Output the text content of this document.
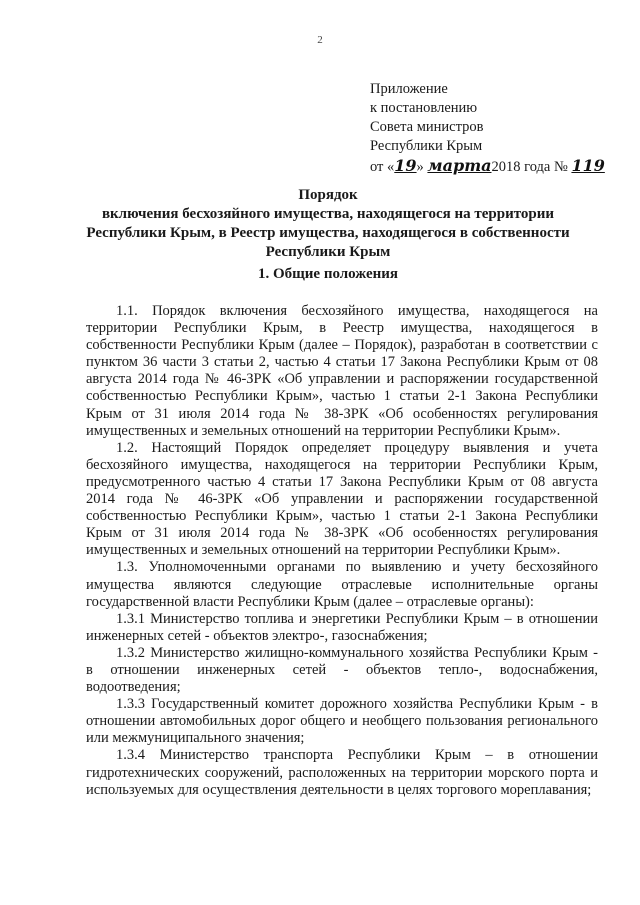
2
Приложение
к постановлению
Совета министров
Республики Крым
от «19» марта2018 года № 119
Порядок
включения бесхозяйного имущества, находящегося на территории
Республики Крым, в Реестр имущества, находящегося в собственности
Республики Крым
1. Общие положения

1.1. Порядок включения бесхозяйного имущества, находящегося на территории Республики Крым, в Реестр имущества, находящегося в собственности Республики Крым (далее – Порядок), разработан в соответствии с пунктом 36 части 3 статьи 2, частью 4 статьи 17 Закона Республики Крым от 08 августа 2014 года № 46-ЗРК «Об управлении и распоряжении государственной собственностью Республики Крым», частью 1 статьи 2-1 Закона Республики Крым от 31 июля 2014 года № 38-ЗРК «Об особенностях регулирования имущественных и земельных отношений на территории Республики Крым».

1.2. Настоящий Порядок определяет процедуру выявления и учета бесхозяйного имущества, находящегося на территории Республики Крым, предусмотренного частью 4 статьи 17 Закона Республики Крым от 08 августа 2014 года № 46-ЗРК «Об управлении и распоряжении государственной собственностью Республики Крым», частью 1 статьи 2-1 Закона Республики Крым от 31 июля 2014 года № 38-ЗРК «Об особенностях регулирования имущественных и земельных отношений на территории Республики Крым».

1.3. Уполномоченными органами по выявлению и учету бесхозяйного имущества являются следующие отраслевые исполнительные органы государственной власти Республики Крым (далее – отраслевые органы):

1.3.1 Министерство топлива и энергетики Республики Крым – в отношении инженерных сетей - объектов электро-, газоснабжения;

1.3.2 Министерство жилищно-коммунального хозяйства Республики Крым - в отношении инженерных сетей - объектов тепло-, водоснабжения, водоотведения;

1.3.3 Государственный комитет дорожного хозяйства Республики Крым - в отношении автомобильных дорог общего и необщего пользования регионального или межмуниципального значения;

1.3.4 Министерство транспорта Республики Крым – в отношении гидротехнических сооружений, расположенных на территории морского порта и используемых для осуществления деятельности в целях торгового мореплавания;
